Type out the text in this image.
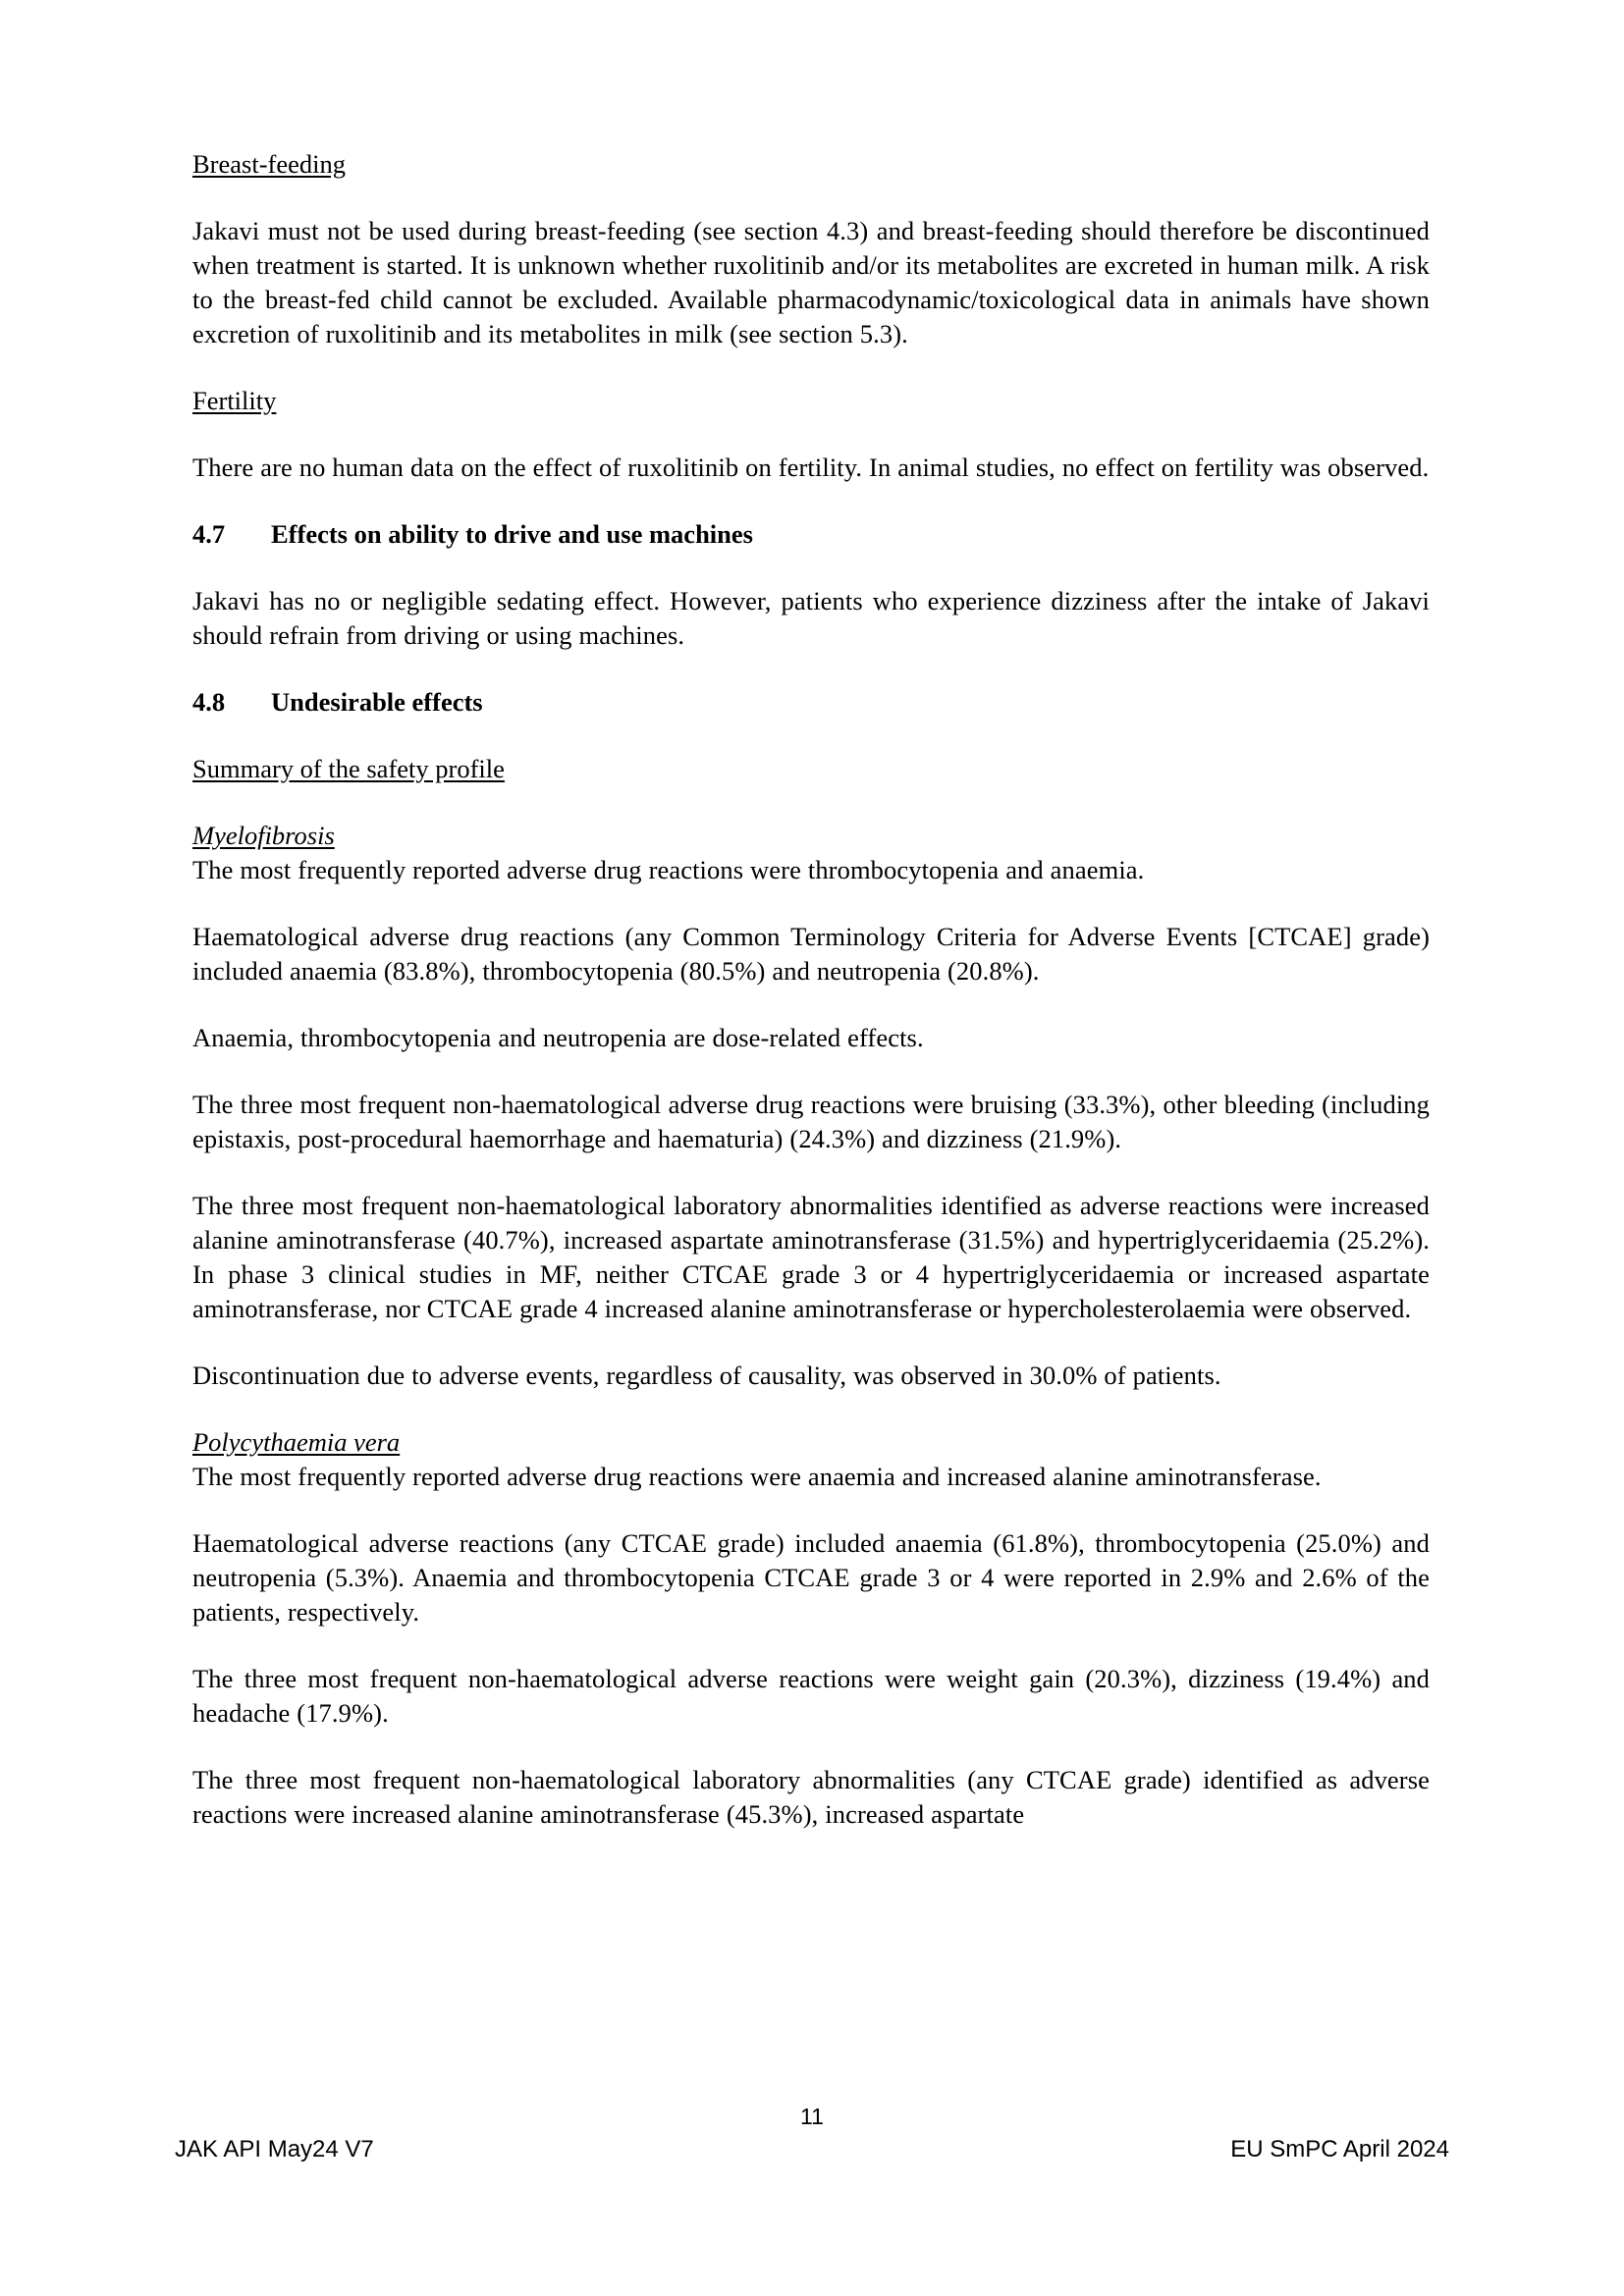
Breast-feeding

Jakavi must not be used during breast-feeding (see section 4.3) and breast-feeding should therefore be discontinued when treatment is started. It is unknown whether ruxolitinib and/or its metabolites are excreted in human milk. A risk to the breast-fed child cannot be excluded. Available pharmacodynamic/toxicological data in animals have shown excretion of ruxolitinib and its metabolites in milk (see section 5.3).

Fertility

There are no human data on the effect of ruxolitinib on fertility. In animal studies, no effect on fertility was observed.

4.7	Effects on ability to drive and use machines

Jakavi has no or negligible sedating effect. However, patients who experience dizziness after the intake of Jakavi should refrain from driving or using machines.

4.8	Undesirable effects
Summary of the safety profile
Myelofibrosis

The most frequently reported adverse drug reactions were thrombocytopenia and anaemia.

Haematological adverse drug reactions (any Common Terminology Criteria for Adverse Events [CTCAE] grade) included anaemia (83.8%), thrombocytopenia (80.5%) and neutropenia (20.8%).

Anaemia, thrombocytopenia and neutropenia are dose-related effects.

The three most frequent non-haematological adverse drug reactions were bruising (33.3%), other bleeding (including epistaxis, post-procedural haemorrhage and haematuria) (24.3%) and dizziness (21.9%).

The three most frequent non-haematological laboratory abnormalities identified as adverse reactions were increased alanine aminotransferase (40.7%), increased aspartate aminotransferase (31.5%) and hypertriglyceridaemia (25.2%). In phase 3 clinical studies in MF, neither CTCAE grade 3 or 4 hypertriglyceridaemia or increased aspartate aminotransferase, nor CTCAE grade 4 increased alanine aminotransferase or hypercholesterolaemia were observed.

Discontinuation due to adverse events, regardless of causality, was observed in 30.0% of patients.

Polycythaemia vera

The most frequently reported adverse drug reactions were anaemia and increased alanine aminotransferase.

Haematological adverse reactions (any CTCAE grade) included anaemia (61.8%), thrombocytopenia (25.0%) and neutropenia (5.3%). Anaemia and thrombocytopenia CTCAE grade 3 or 4 were reported in 2.9% and 2.6% of the patients, respectively.

The three most frequent non-haematological adverse reactions were weight gain (20.3%), dizziness (19.4%) and headache (17.9%).

The three most frequent non-haematological laboratory abnormalities (any CTCAE grade) identified as adverse reactions were increased alanine aminotransferase (45.3%), increased aspartate

11
JAK API May24 V7	EU SmPC April 2024
